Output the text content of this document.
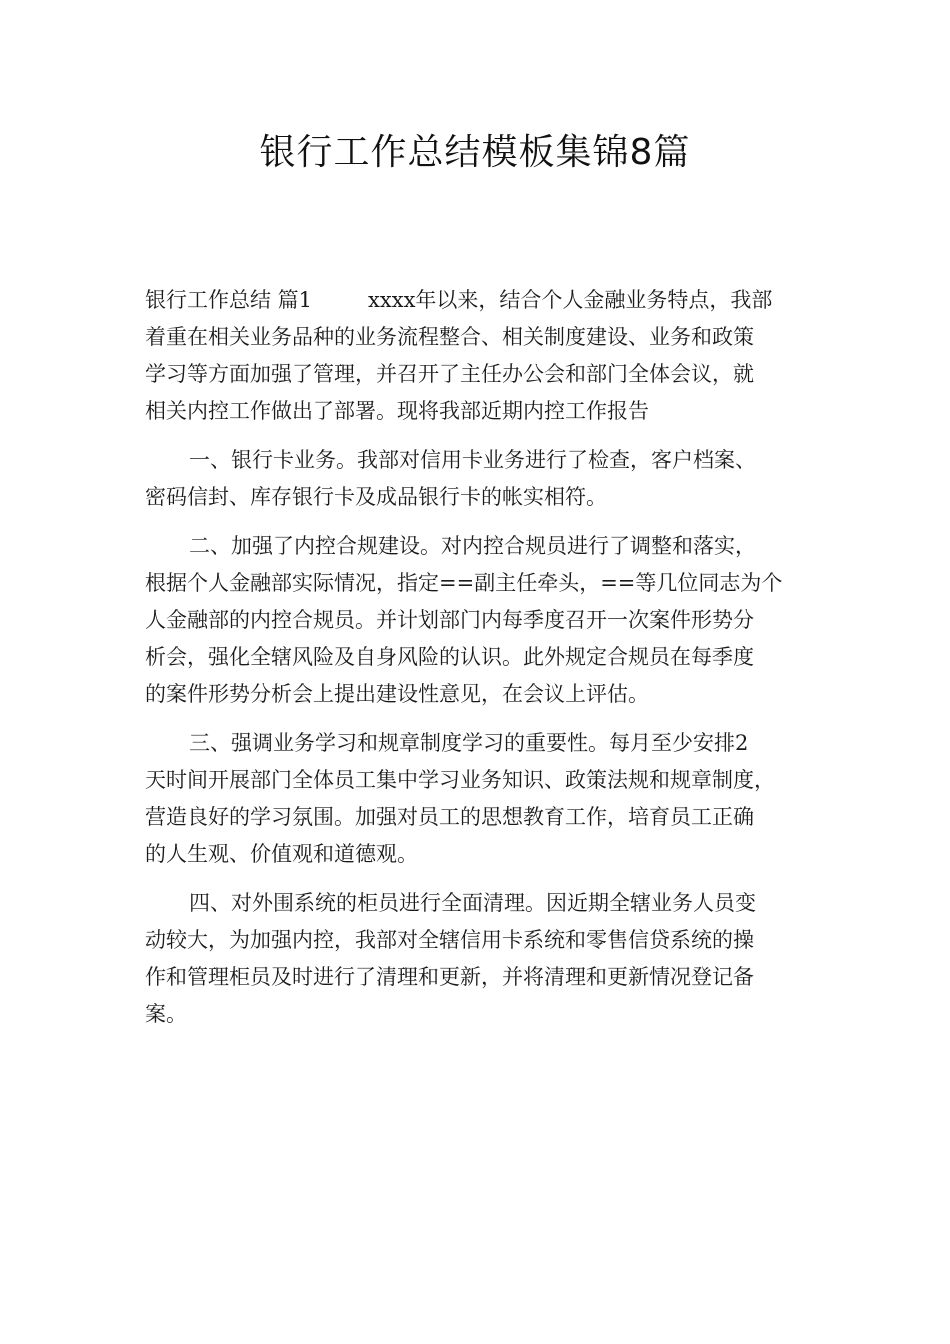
银行工作总结模板集锦8篇
银行工作总结 篇1	xxxx年以来，结合个人金融业务特点，我部
着重在相关业务品种的业务流程整合、相关制度建设、业务和政策
学习等方面加强了管理，并召开了主任办公会和部门全体会议，就
相关内控工作做出了部署。现将我部近期内控工作报告
一、银行卡业务。我部对信用卡业务进行了检查，客户档案、
密码信封、库存银行卡及成品银行卡的帐实相符。
二、加强了内控合规建设。对内控合规员进行了调整和落实，
根据个人金融部实际情况，指定==副主任牵头，==等几位同志为个
人金融部的内控合规员。并计划部门内每季度召开一次案件形势分
析会，强化全辖风险及自身风险的认识。此外规定合规员在每季度
的案件形势分析会上提出建设性意见，在会议上评估。
三、强调业务学习和规章制度学习的重要性。每月至少安排2
天时间开展部门全体员工集中学习业务知识、政策法规和规章制度，
营造良好的学习氛围。加强对员工的思想教育工作，培育员工正确
的人生观、价值观和道德观。
四、对外围系统的柜员进行全面清理。因近期全辖业务人员变
动较大，为加强内控，我部对全辖信用卡系统和零售信贷系统的操
作和管理柜员及时进行了清理和更新，并将清理和更新情况登记备
案。
